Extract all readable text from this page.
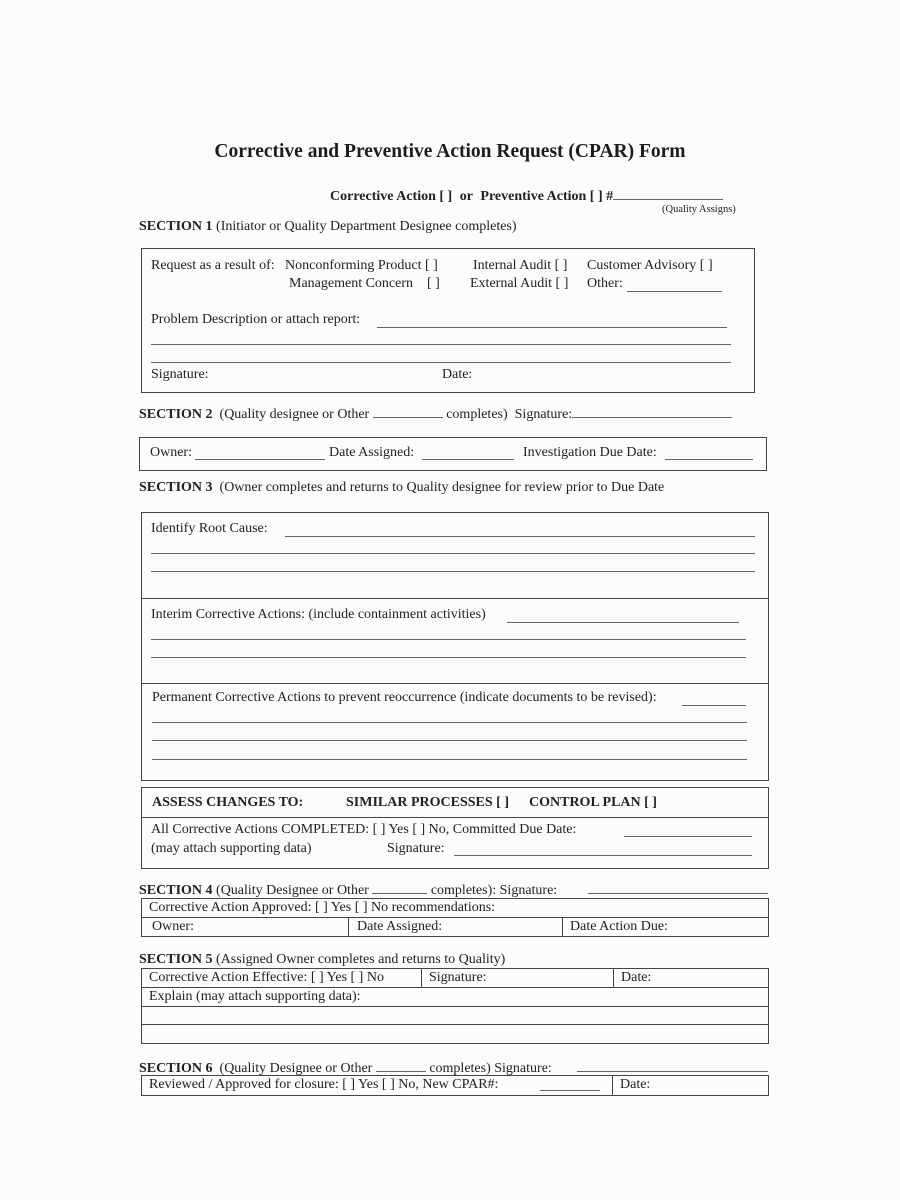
Corrective and Preventive Action Request (CPAR) Form
Corrective Action [ ] or Preventive Action [ ] #
(Quality Assigns)
SECTION 1 (Initiator or Quality Department Designee completes)
Request as a result of: Nonconforming Product [ ]	Internal Audit [ ] Customer Advisory [ ]
Management Concern    [ ] External Audit [ ] Other:
Problem Description or attach report:
Signature:	Date:
SECTION 2 (Quality designee or Other	completes) Signature:
Owner:	Date Assigned:	Investigation Due Date:
SECTION 3 (Owner completes and returns to Quality designee for review prior to Due Date
Identify Root Cause:
Interim Corrective Actions: (include containment activities)
Permanent Corrective Actions to prevent reoccurrence (indicate documents to be revised):
ASSESS CHANGES TO:	SIMILAR PROCESSES [ ] CONTROL PLAN [ ]
All Corrective Actions COMPLETED: [ ] Yes [ ] No, Committed Due Date:
(may attach supporting data)	Signature:
SECTION 4 (Quality Designee or Other	completes): Signature:
Corrective Action Approved: [ ] Yes [ ] No recommendations:
Owner:	Date Assigned:	Date Action Due:
SECTION 5 (Assigned Owner completes and returns to Quality)
Corrective Action Effective: [ ] Yes [ ] No	Signature:	Date:
Explain (may attach supporting data):
SECTION 6 (Quality Designee or Other	completes) Signature:
Reviewed / Approved for closure: [ ] Yes [ ] No, New CPAR#:	Date:
